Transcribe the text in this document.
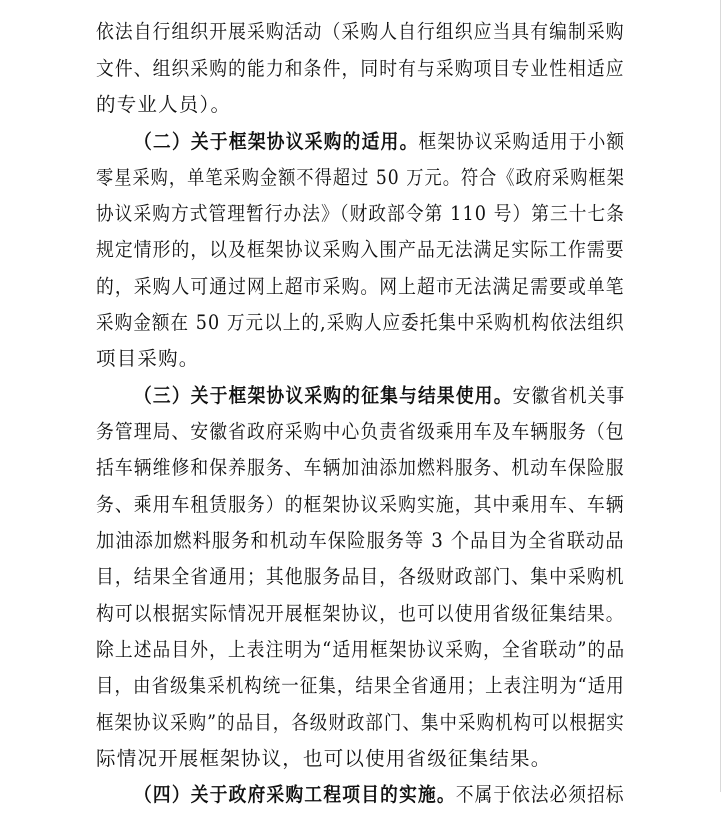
依法自行组织开展采购活动（采购人自行组织应当具有编制采购
文件、组织采购的能力和条件，同时有与采购项目专业性相适应
的专业人员）。
（二）关于框架协议采购的适用。框架协议采购适用于小额
零星采购，单笔采购金额不得超过 50 万元。符合《政府采购框架
协议采购方式管理暂行办法》（财政部令第 110 号）第三十七条
规定情形的，以及框架协议采购入围产品无法满足实际工作需要
的，采购人可通过网上超市采购。网上超市无法满足需要或单笔
采购金额在 50 万元以上的,采购人应委托集中采购机构依法组织
项目采购。
（三）关于框架协议采购的征集与结果使用。安徽省机关事
务管理局、安徽省政府采购中心负责省级乘用车及车辆服务（包
括车辆维修和保养服务、车辆加油添加燃料服务、机动车保险服
务、乘用车租赁服务）的框架协议采购实施，其中乘用车、车辆
加油添加燃料服务和机动车保险服务等 3 个品目为全省联动品
目，结果全省通用；其他服务品目，各级财政部门、集中采购机
构可以根据实际情况开展框架协议，也可以使用省级征集结果。
除上述品目外，上表注明为“适用框架协议采购，全省联动”的品
目，由省级集采机构统一征集，结果全省通用；上表注明为“适用
框架协议采购”的品目，各级财政部门、集中采购机构可以根据实
际情况开展框架协议，也可以使用省级征集结果。
（四）关于政府采购工程项目的实施。不属于依法必须招标
